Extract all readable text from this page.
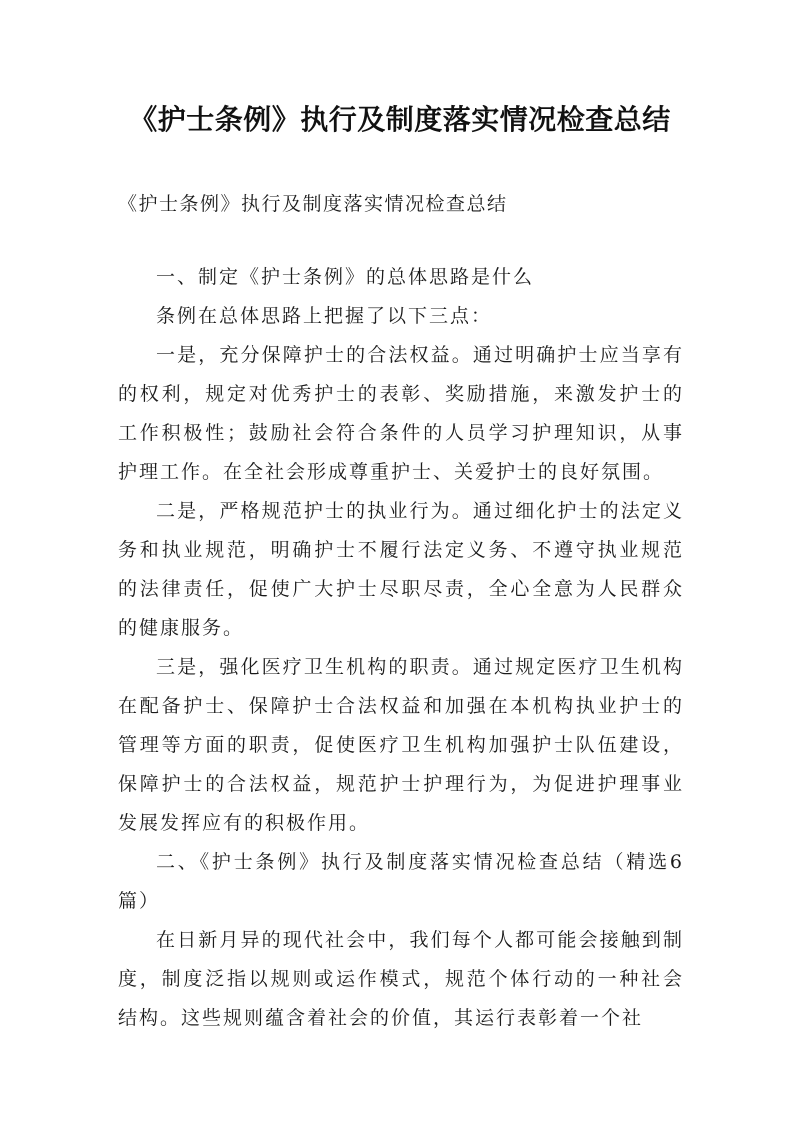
《护士条例》执行及制度落实情况检查总结

《护士条例》执行及制度落实情况检查总结

一、制定《护士条例》的总体思路是什么

条例在总体思路上把握了以下三点：

一是，充分保障护士的合法权益。通过明确护士应当享有的权利，规定对优秀护士的表彰、奖励措施，来激发护士的工作积极性；鼓励社会符合条件的人员学习护理知识，从事护理工作。在全社会形成尊重护士、关爱护士的良好氛围。

二是，严格规范护士的执业行为。通过细化护士的法定义务和执业规范，明确护士不履行法定义务、不遵守执业规范的法律责任，促使广大护士尽职尽责，全心全意为人民群众的健康服务。

三是，强化医疗卫生机构的职责。通过规定医疗卫生机构在配备护士、保障护士合法权益和加强在本机构执业护士的管理等方面的职责，促使医疗卫生机构加强护士队伍建设，保障护士的合法权益，规范护士护理行为，为促进护理事业发展发挥应有的积极作用。

二、《护士条例》执行及制度落实情况检查总结（精选6篇）

在日新月异的现代社会中，我们每个人都可能会接触到制度，制度泛指以规则或运作模式，规范个体行动的一种社会结构。这些规则蕴含着社会的价值，其运行表彰着一个社
